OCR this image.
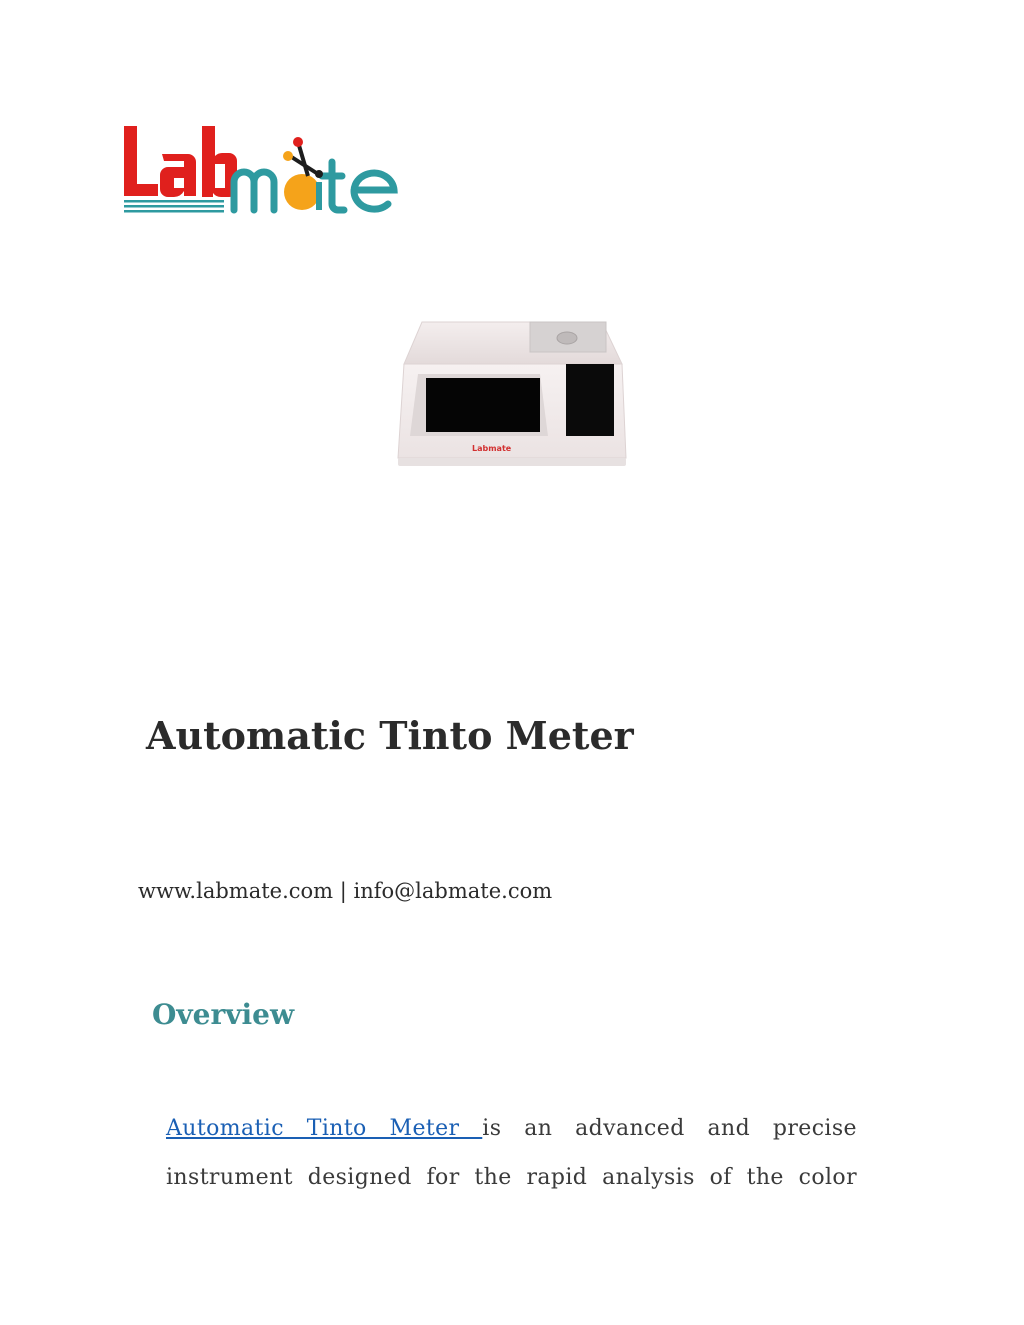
Labmate
Automatic Tinto Meter
www.labmate.com | info@labmate.com
Overview
Automatic Tinto Meter is an advanced and precise
instrument designed for the rapid analysis of the color
